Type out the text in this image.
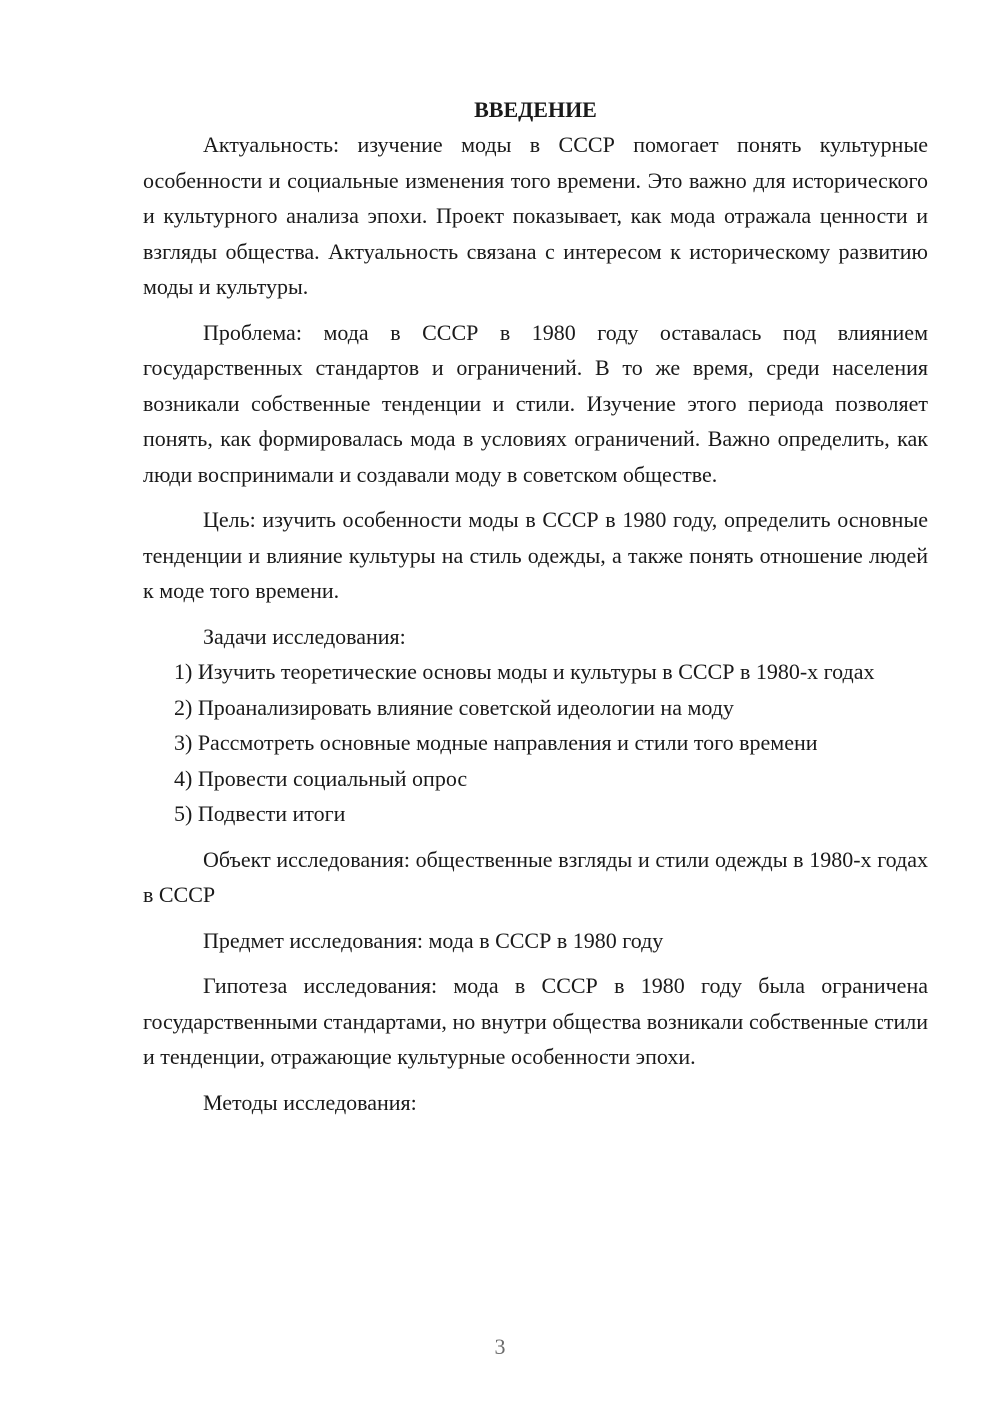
ВВЕДЕНИЕ

Актуальность: изучение моды в СССР помогает понять культурные особенности и социальные изменения того времени. Это важно для исторического и культурного анализа эпохи. Проект показывает, как мода отражала ценности и взгляды общества. Актуальность связана с интересом к историческому развитию моды и культуры.

Проблема: мода в СССР в 1980 году оставалась под влиянием государственных стандартов и ограничений. В то же время, среди населения возникали собственные тенденции и стили. Изучение этого периода позволяет понять, как формировалась мода в условиях ограничений. Важно определить, как люди воспринимали и создавали моду в советском обществе.

Цель: изучить особенности моды в СССР в 1980 году, определить основные тенденции и влияние культуры на стиль одежды, а также понять отношение людей к моде того времени.

Задачи исследования:

1) Изучить теоретические основы моды и культуры в СССР в 1980-х годах

2) Проанализировать влияние советской идеологии на моду

3) Рассмотреть основные модные направления и стили того времени

4) Провести социальный опрос

5) Подвести итоги

Объект исследования: общественные взгляды и стили одежды в 1980-х годах в СССР

Предмет исследования: мода в СССР в 1980 году

Гипотеза исследования: мода в СССР в 1980 году была ограничена государственными стандартами, но внутри общества возникали собственные стили и тенденции, отражающие культурные особенности эпохи.

Методы исследования:

3
